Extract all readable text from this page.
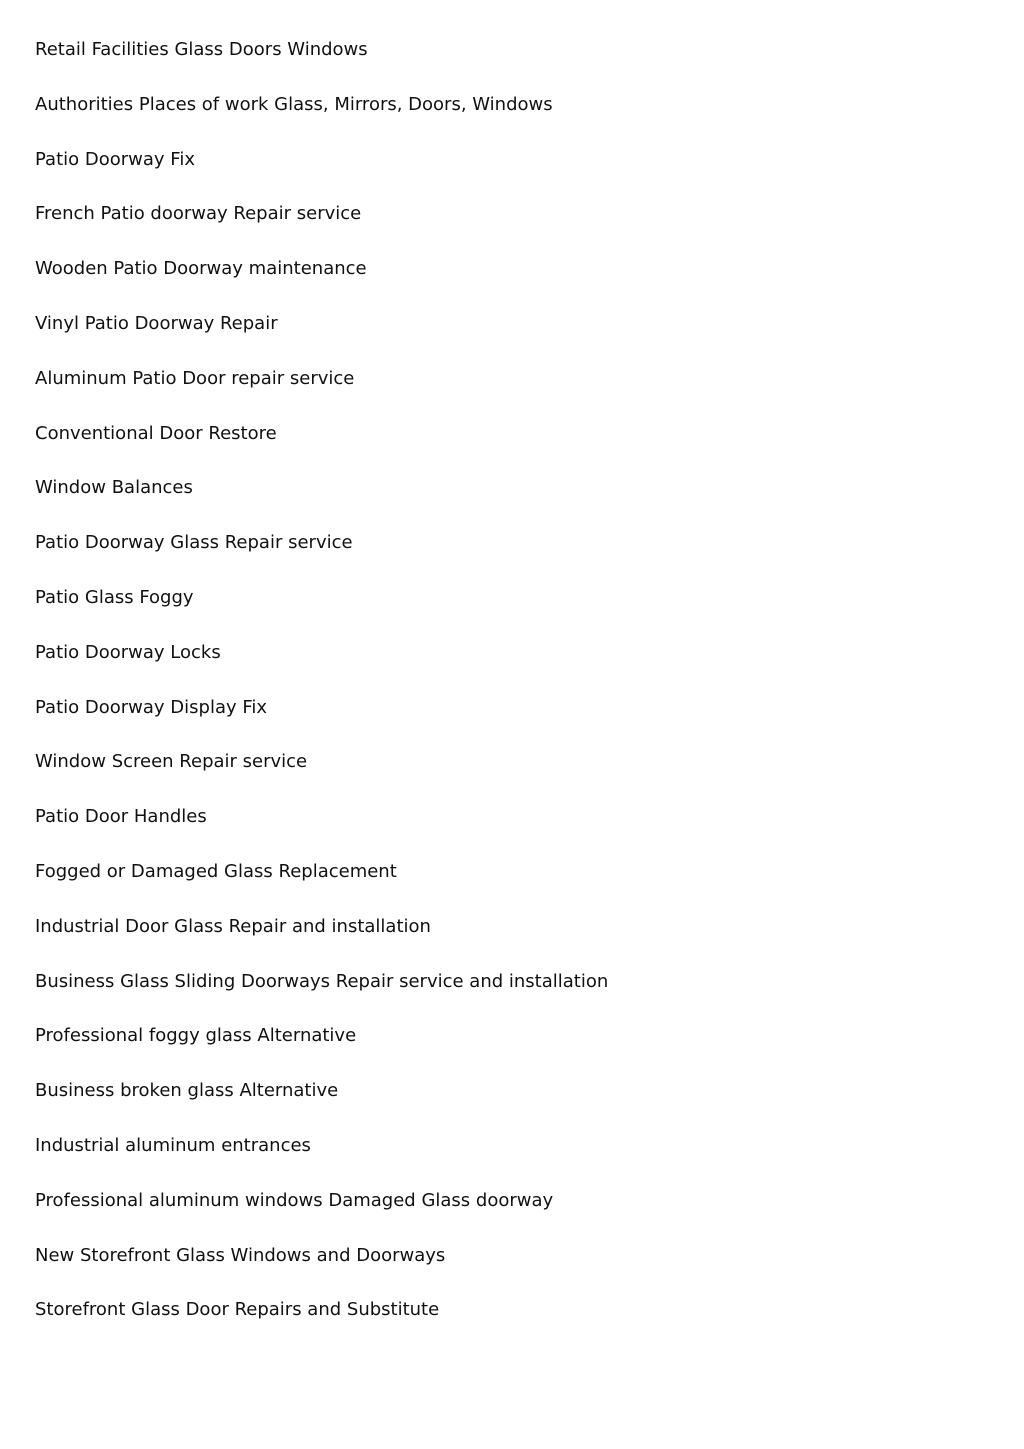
Retail Facilities Glass Doors Windows
Authorities Places of work Glass, Mirrors, Doors, Windows
Patio Doorway Fix
French Patio doorway Repair service
Wooden Patio Doorway maintenance
Vinyl Patio Doorway Repair
Aluminum Patio Door repair service
Conventional Door Restore
Window Balances
Patio Doorway Glass Repair service
Patio Glass Foggy
Patio Doorway Locks
Patio Doorway Display Fix
Window Screen Repair service
Patio Door Handles
Fogged or Damaged Glass Replacement
Industrial Door Glass Repair and installation
Business Glass Sliding Doorways Repair service and installation
Professional foggy glass Alternative
Business broken glass Alternative
Industrial aluminum entrances
Professional aluminum windows Damaged Glass doorway
New Storefront Glass Windows and Doorways
Storefront Glass Door Repairs and Substitute
